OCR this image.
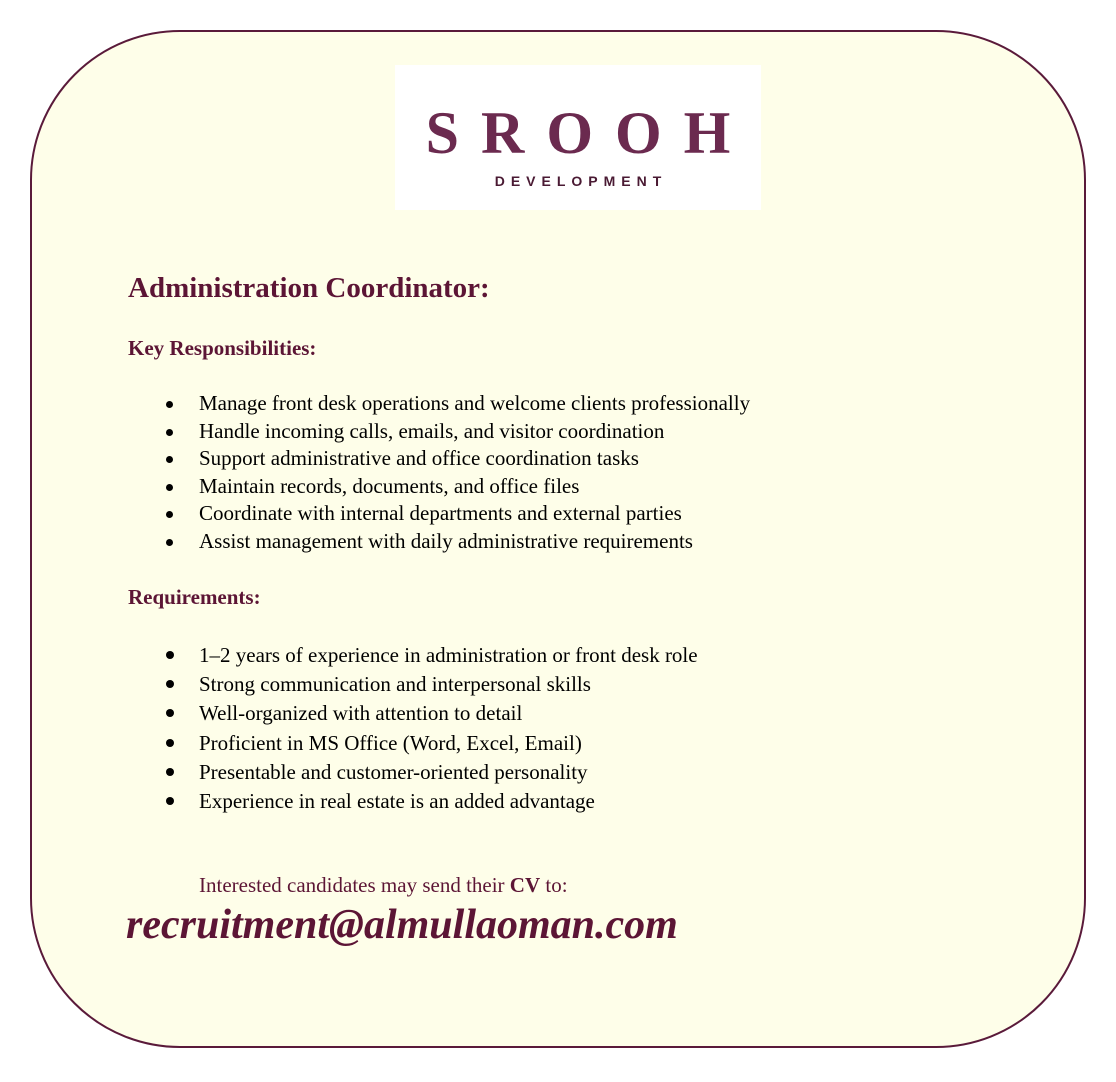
SROOH
DEVELOPMENT
Administration Coordinator:
Key Responsibilities:
Manage front desk operations and welcome clients professionally
Handle incoming calls, emails, and visitor coordination
Support administrative and office coordination tasks
Maintain records, documents, and office files
Coordinate with internal departments and external parties
Assist management with daily administrative requirements
Requirements:
1–2 years of experience in administration or front desk role
Strong communication and interpersonal skills
Well-organized with attention to detail
Proficient in MS Office (Word, Excel, Email)
Presentable and customer-oriented personality
Experience in real estate is an added advantage

Interested candidates may send their CV to:

recruitment@almullaoman.com
